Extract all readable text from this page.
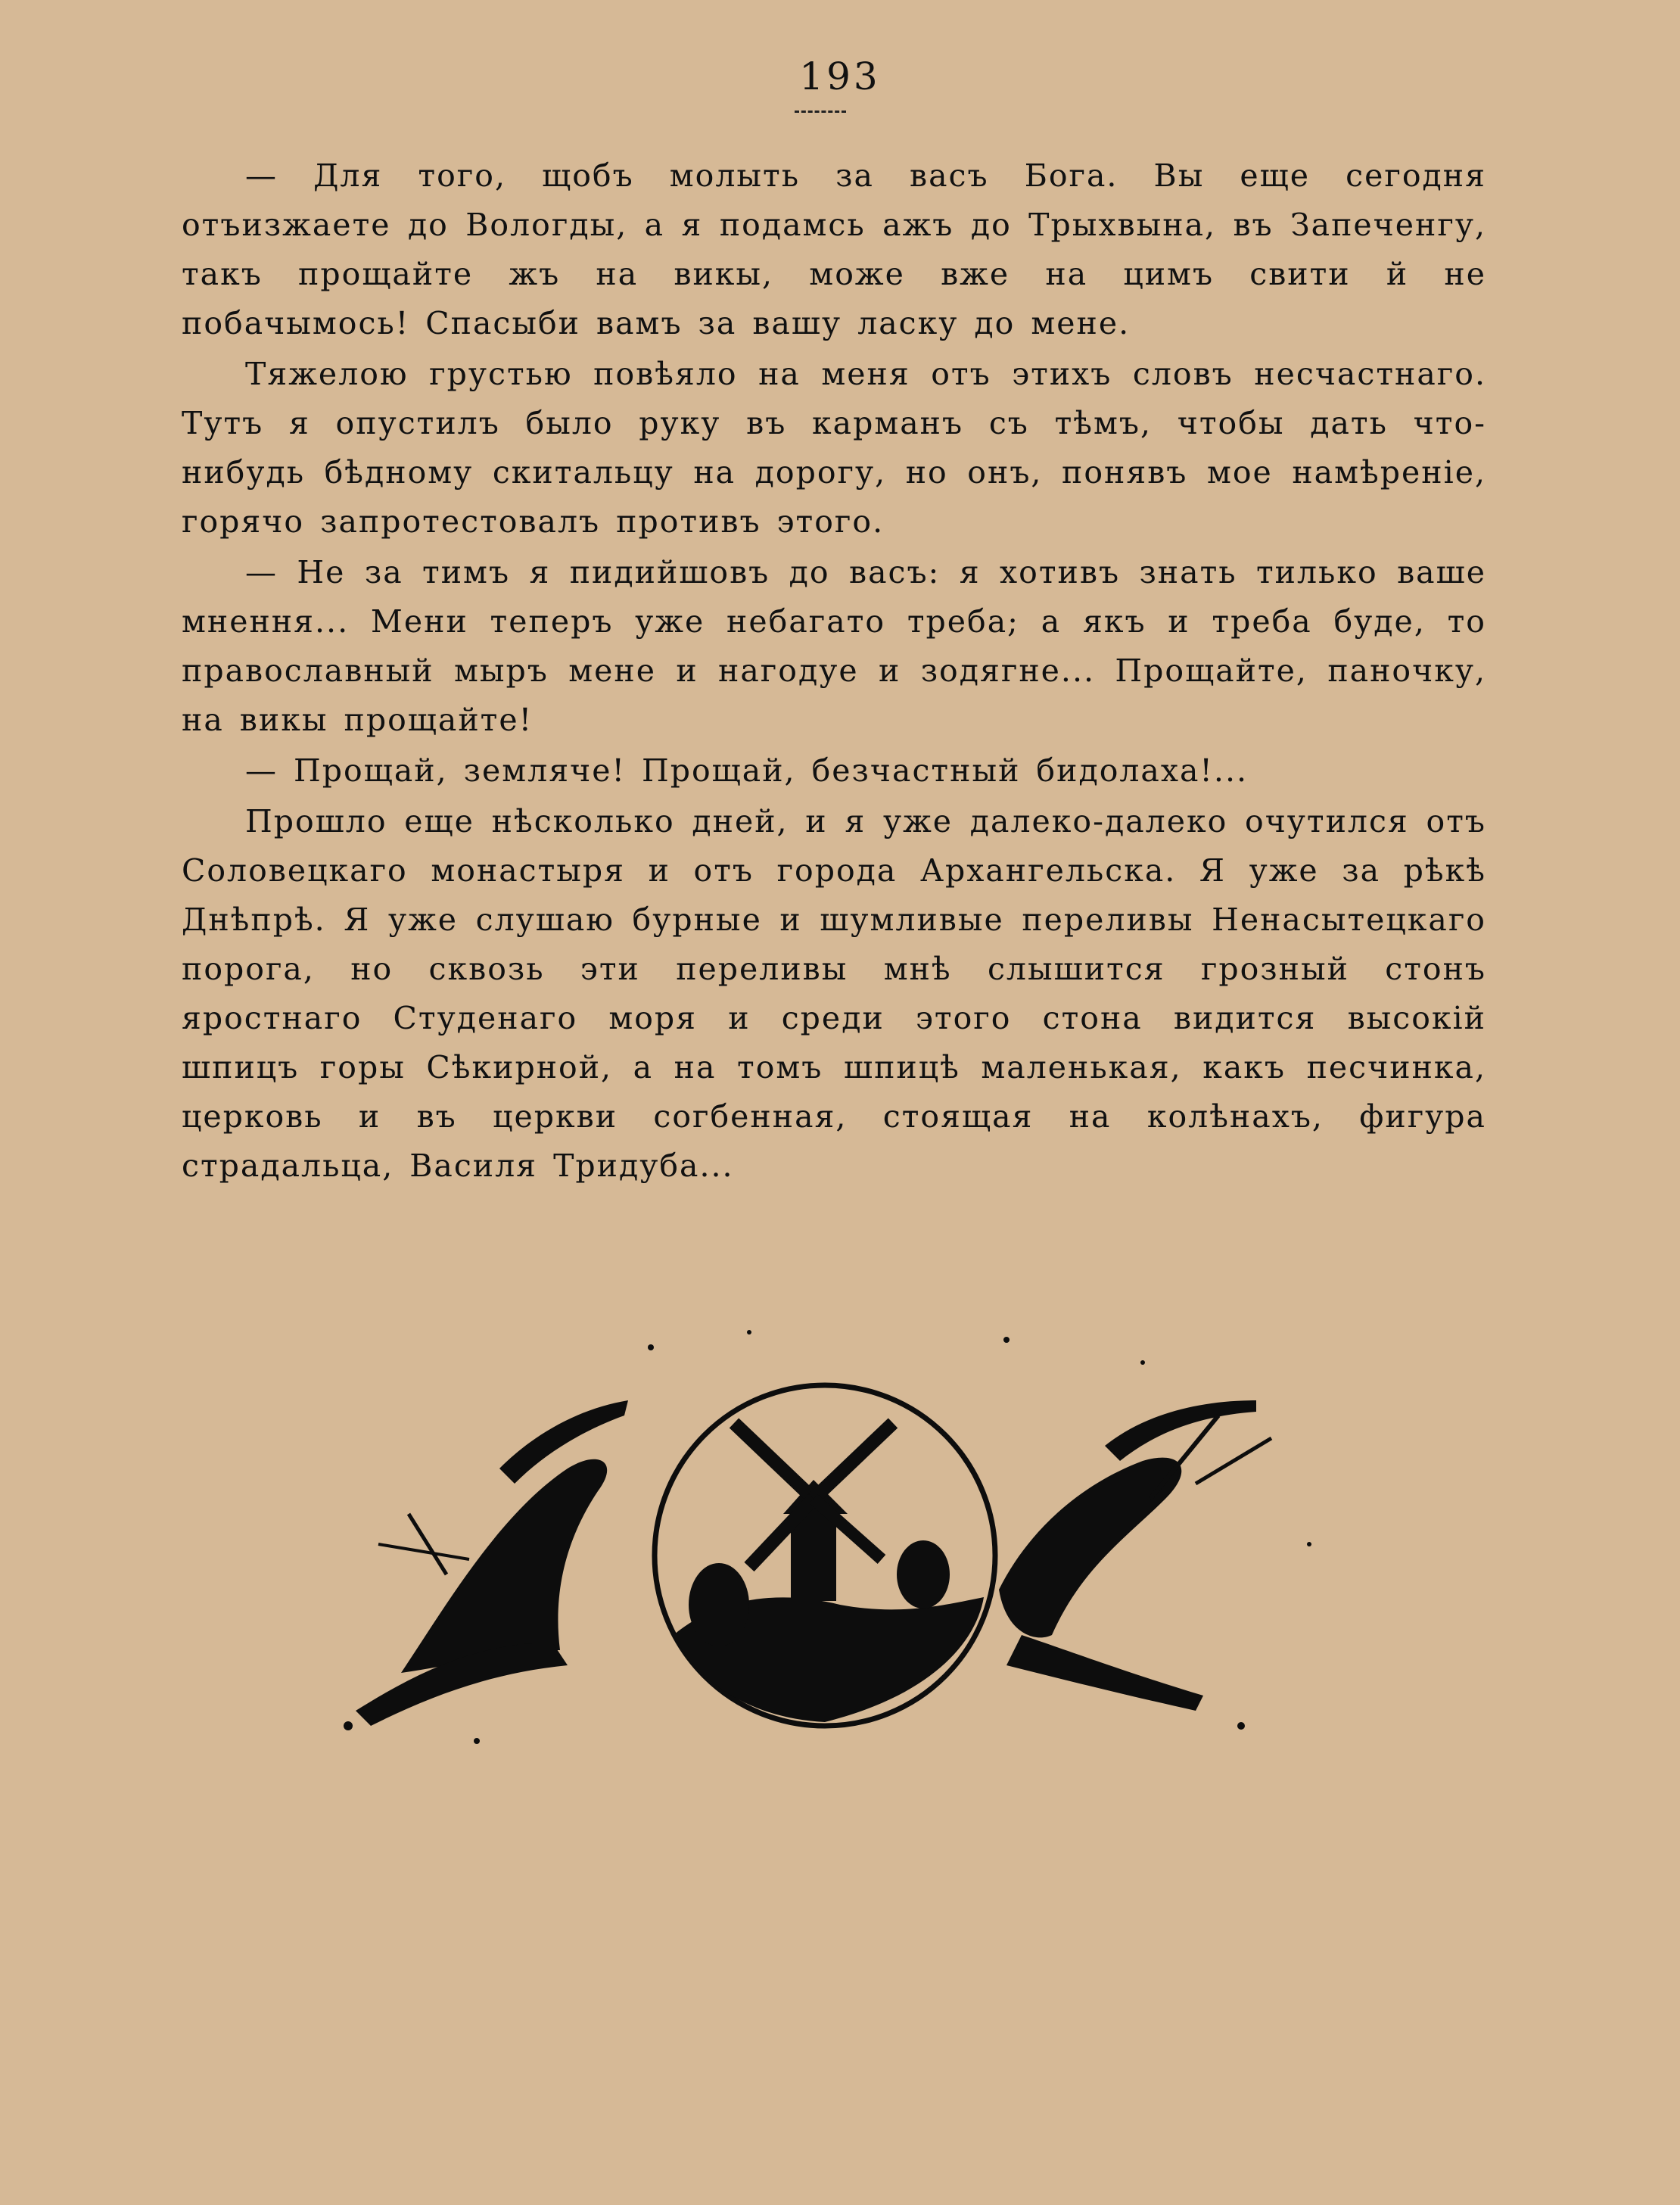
193

— Для того, щобъ молыть за васъ Бога. Вы еще сегодня отъизжаете до Вологды, а я подамсь ажъ до Трыхвына, въ Запеченгу, такъ прощайте жъ на викы, може вже на цимъ свити й не побачымось! Спасыби вамъ за вашу ласку до мене.

Тяжелою грустью повѣяло на меня отъ этихъ словъ несчастнаго. Тутъ я опустилъ было руку въ карманъ съ тѣмъ, чтобы дать что-нибудь бѣдному скитальцу на дорогу, но онъ, понявъ мое намѣреніе, горячо запротестовалъ противъ этого.

— Не за тимъ я пидийшовъ до васъ: я хотивъ знать тилько ваше мнення... Мени теперъ уже небагато треба; а якъ и треба буде, то православный мыръ мене и нагодуе и зодягне... Прощайте, паночку, на викы прощайте!

— Прощай, земляче! Прощай, безчастный бидолаха!...

Прошло еще нѣсколько дней, и я уже далеко-далеко очутился отъ Соловецкаго монастыря и отъ города Архангельска. Я уже за рѣкѣ Днѣпрѣ. Я уже слушаю бурные и шумливые переливы Ненасытецкаго порога, но сквозь эти переливы мнѣ слышится грозный стонъ яростнаго Студенаго моря и среди этого стона видится высокій шпицъ горы Сѣкирной, а на томъ шпицѣ маленькая, какъ песчинка, церковь и въ церкви согбенная, стоящая на колѣнахъ, фигура страдальца, Василя Тридуба...
